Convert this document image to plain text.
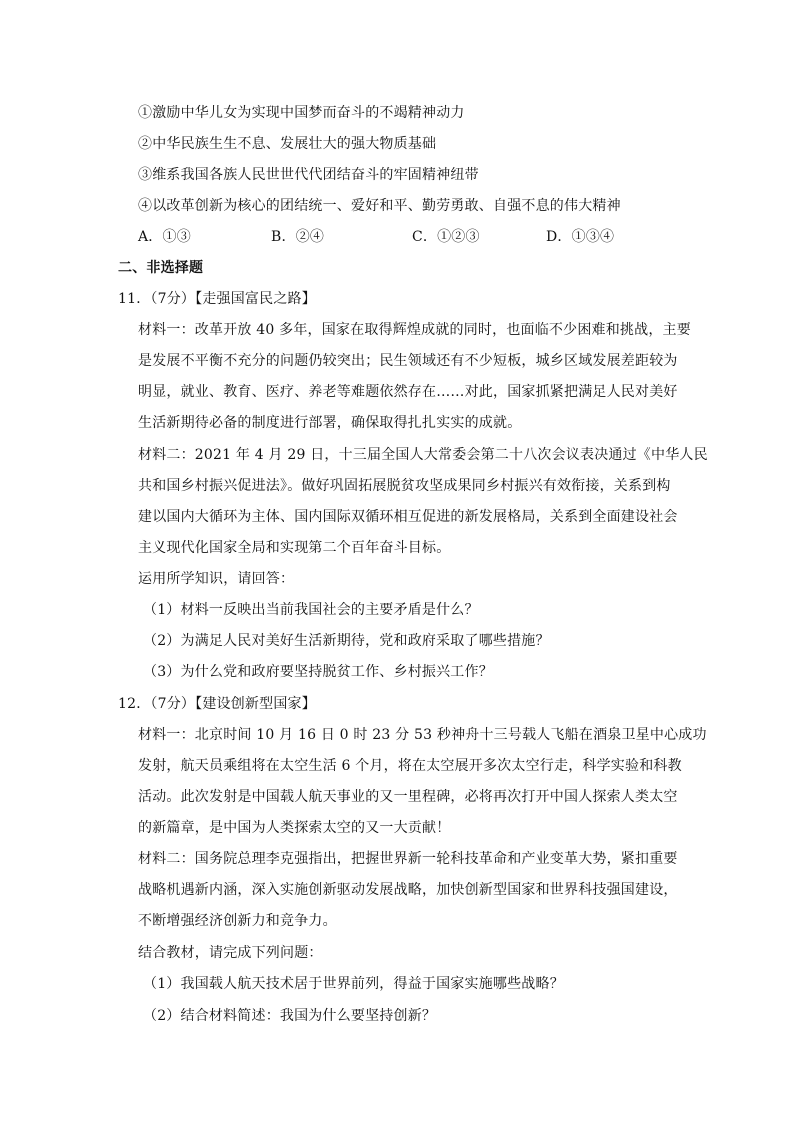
①激励中华儿女为实现中国梦而奋斗的不竭精神动力
②中华民族生生不息、发展壮大的强大物质基础
③维系我国各族人民世世代代团结奋斗的牢固精神纽带
④以改革创新为核心的团结统一、爱好和平、勤劳勇敢、自强不息的伟大精神
A．①③	B．②④	C．①②③	D．①③④
二、非选择题
11．（7分）【走强国富民之路】
材料一：改革开放 40 多年，国家在取得辉煌成就的同时，也面临不少困难和挑战，主要
是发展不平衡不充分的问题仍较突出；民生领域还有不少短板，城乡区域发展差距较为
明显，就业、教育、医疗、养老等难题依然存在……对此，国家抓紧把满足人民对美好
生活新期待必备的制度进行部署，确保取得扎扎实实的成就。
材料二：2021 年 4 月 29 日，十三届全国人大常委会第二十八次会议表决通过《中华人民
共和国乡村振兴促进法》。做好巩固拓展脱贫攻坚成果同乡村振兴有效衔接，关系到构
建以国内大循环为主体、国内国际双循环相互促进的新发展格局，关系到全面建设社会
主义现代化国家全局和实现第二个百年奋斗目标。
运用所学知识，请回答：
（1）材料一反映出当前我国社会的主要矛盾是什么？
（2）为满足人民对美好生活新期待，党和政府采取了哪些措施？
（3）为什么党和政府要坚持脱贫工作、乡村振兴工作？
12．（7分）【建设创新型国家】
材料一：北京时间 10 月 16 日 0 时 23 分 53 秒神舟十三号载人飞船在酒泉卫星中心成功
发射，航天员乘组将在太空生活 6 个月，将在太空展开多次太空行走，科学实验和科教
活动。此次发射是中国载人航天事业的又一里程碑，必将再次打开中国人探索人类太空
的新篇章，是中国为人类探索太空的又一大贡献！
材料二：国务院总理李克强指出，把握世界新一轮科技革命和产业变革大势，紧扣重要
战略机遇新内涵，深入实施创新驱动发展战略，加快创新型国家和世界科技强国建设，
不断增强经济创新力和竞争力。
结合教材，请完成下列问题：
（1）我国载人航天技术居于世界前列，得益于国家实施哪些战略？
（2）结合材料简述：我国为什么要坚持创新？
